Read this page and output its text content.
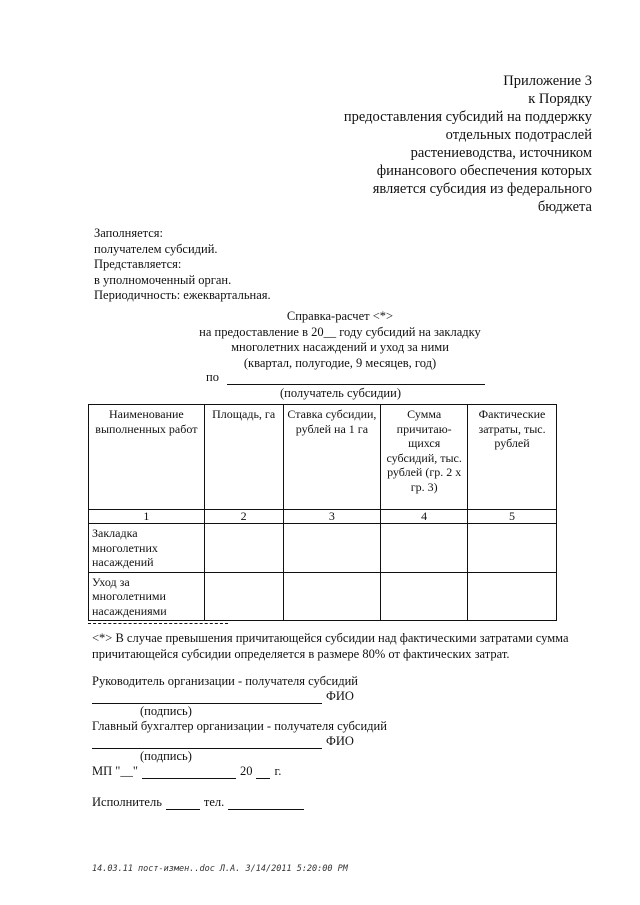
Приложение 3
к Порядку
предоставления субсидий на поддержку
отдельных подотраслей
растениеводства, источником
финансового обеспечения которых
является субсидия из федерального
бюджета
Заполняется:
получателем субсидий.
Представляется:
в уполномоченный орган.
Периодичность: ежеквартальная.
Справка-расчет <*>
на предоставление в 20__ году субсидий на закладку
многолетних насаждений и уход за ними
(квартал, полугодие, 9 месяцев, год)
по
(получатель субсидии)
Наименование выполненных работ	Площадь, га	Ставка субсидии, рублей на 1 га	Сумма причитаю-щихся субсидий, тыс. рублей (гр. 2 х гр. 3)	Фактические затраты, тыс. рублей
1	2	3	4	5
Закладка многолетних насаждений				
Уход за многолетними насаждениями				
<*> В случае превышения причитающейся субсидии над фактическими затратами сумма причитающейся субсидии определяется в размере 80% от фактических затрат.
Руководитель организации - получателя субсидий
ФИО
(подпись)
Главный бухгалтер организации - получателя субсидий
ФИО
(подпись)
МП "__"	20 г.
Исполнитель	тел.
14.03.11 пост-измен..doc Л.А. 3/14/2011 5:20:00 PM
